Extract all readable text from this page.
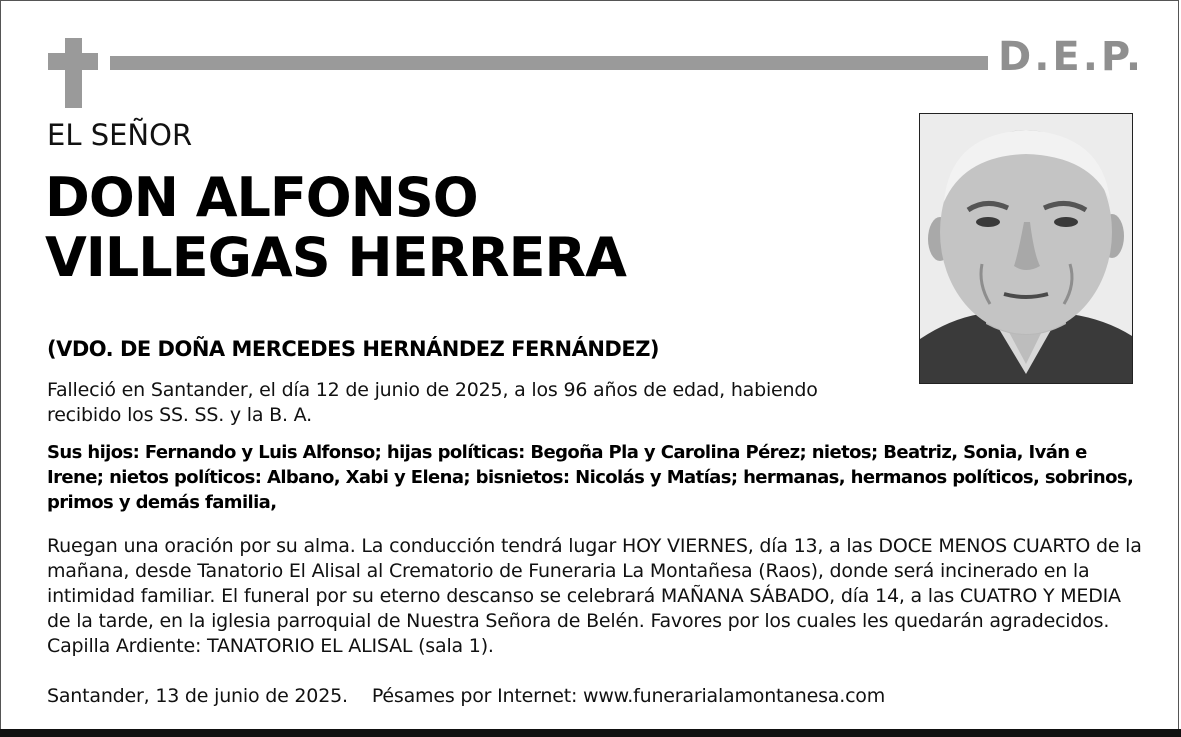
D.E.P.
EL SEÑOR
DON ALFONSO
VILLEGAS HERRERA
(VDO. DE DOÑA MERCEDES HERNÁNDEZ FERNÁNDEZ)
Falleció en Santander, el día 12 de junio de 2025, a los 96 años de edad, habiendo recibido los SS. SS. y la B. A.
Sus hijos: Fernando y Luis Alfonso; hijas políticas: Begoña Pla y Carolina Pérez; nietos; Beatriz, Sonia, Iván e Irene; nietos políticos: Albano, Xabi y Elena; bisnietos: Nicolás y Matías; hermanas, hermanos políticos, sobrinos, primos y demás familia,
Ruegan una oración por su alma. La conducción tendrá lugar HOY VIERNES, día 13, a las DOCE MENOS CUARTO de la mañana, desde Tanatorio El Alisal al Crematorio de Funeraria La Montañesa (Raos), donde será incinerado en la intimidad familiar. El funeral por su eterno descanso se celebrará MAÑANA SÁBADO, día 14, a las CUATRO Y MEDIA de la tarde, en la iglesia parroquial de Nuestra Señora de Belén. Favores por los cuales les quedarán agradecidos. Capilla Ardiente: TANATORIO EL ALISAL (sala 1).
Santander, 13 de junio de 2025. Pésames por Internet: www.funerarialamontanesa.com
